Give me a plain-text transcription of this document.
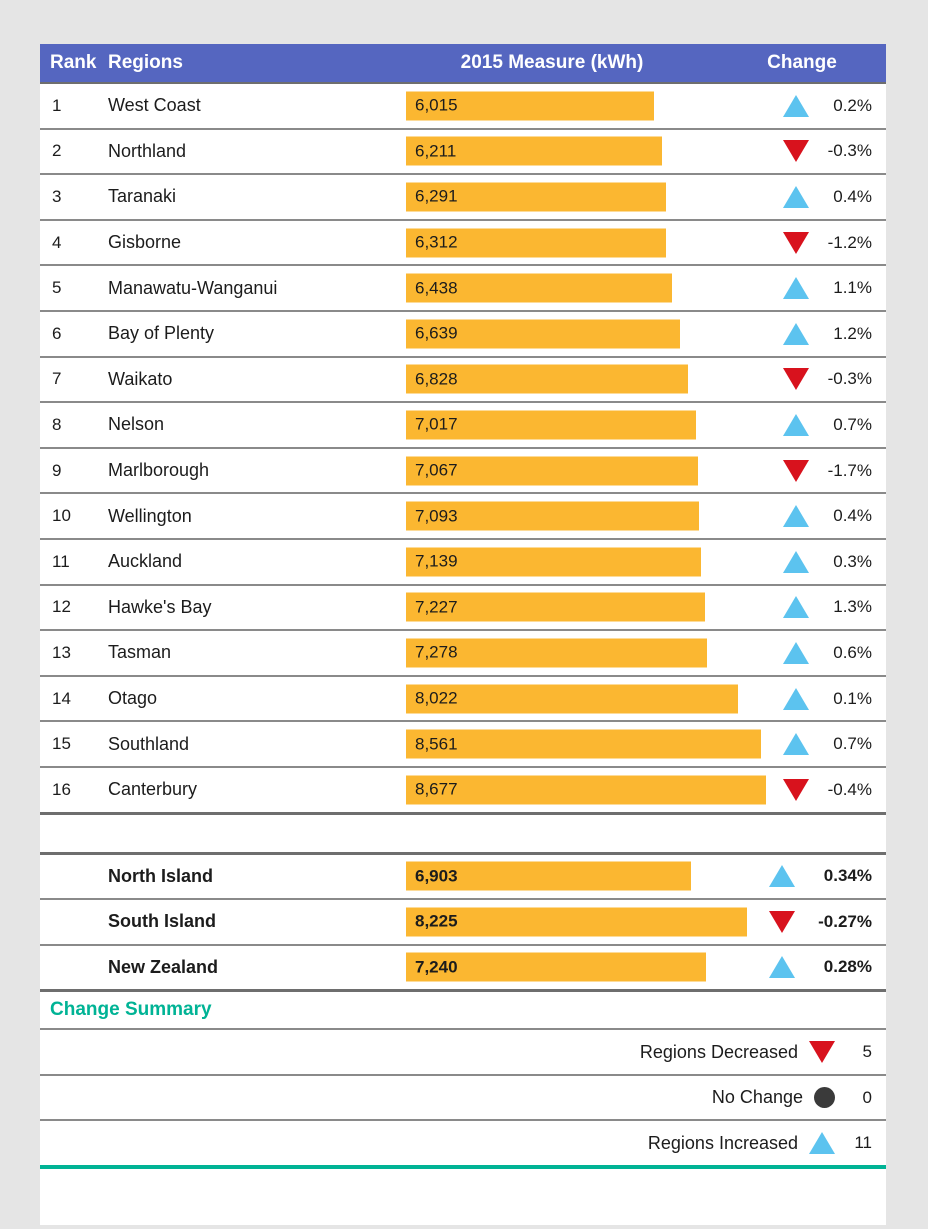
Rank Regions	2015 Measure (kWh)	Change
1	West Coast	6,015	0.2%
2	Northland	6,211	-0.3%
3	Taranaki	6,291	0.4%
4	Gisborne	6,312	-1.2%
5	Manawatu-Wanganui	6,438	1.1%
6	Bay of Plenty	6,639	1.2%
7	Waikato	6,828	-0.3%
8	Nelson	7,017	0.7%
9	Marlborough	7,067	-1.7%
10	Wellington	7,093	0.4%
11	Auckland	7,139	0.3%
12	Hawke's Bay	7,227	1.3%
13	Tasman	7,278	0.6%
14	Otago	8,022	0.1%
15	Southland	8,561	0.7%
16	Canterbury	8,677	-0.4%
North Island	6,903	0.34%
South Island	8,225	-0.27%
New Zealand	7,240	0.28%
Change Summary
Regions Decreased	5
No Change	0
Regions Increased	11
